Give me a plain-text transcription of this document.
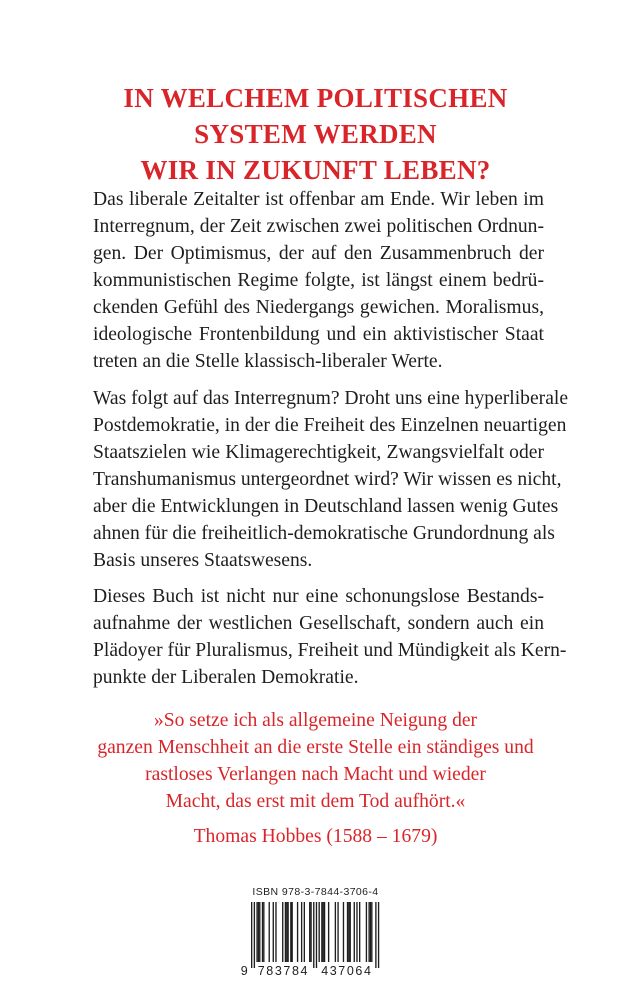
IN WELCHEM POLITISCHEN
SYSTEM WERDEN
WIR IN ZUKUNFT LEBEN?
Das liberale Zeitalter ist offenbar am Ende. Wir leben im
Interregnum, der Zeit zwischen zwei politischen Ordnun-
gen. Der Optimismus, der auf den Zusammenbruch der
kommunistischen Regime folgte, ist längst einem bedrü-
ckenden Gefühl des Niedergangs gewichen. Moralismus,
ideologische Frontenbildung und ein aktivistischer Staat
treten an die Stelle klassisch-liberaler Werte.
Was folgt auf das Interregnum? Droht uns eine hyperliberale
Postdemokratie, in der die Freiheit des Einzelnen neuartigen
Staatszielen wie Klimagerechtigkeit, Zwangsvielfalt oder
Transhumanismus untergeordnet wird? Wir wissen es nicht,
aber die Entwicklungen in Deutschland lassen wenig Gutes
ahnen für die freiheitlich-demokratische Grundordnung als
Basis unseres Staatswesens.
Dieses Buch ist nicht nur eine schonungslose Bestands-
aufnahme der westlichen Gesellschaft, sondern auch ein
Plädoyer für Pluralismus, Freiheit und Mündigkeit als Kern-
punkte der Liberalen Demokratie.
»So setze ich als allgemeine Neigung der
ganzen Menschheit an die erste Stelle ein ständiges und
rastloses Verlangen nach Macht und wieder
Macht, das erst mit dem Tod aufhört.«
Thomas Hobbes (1588 – 1679)
ISBN 978-3-7844-3706-4
9 783784 437064
